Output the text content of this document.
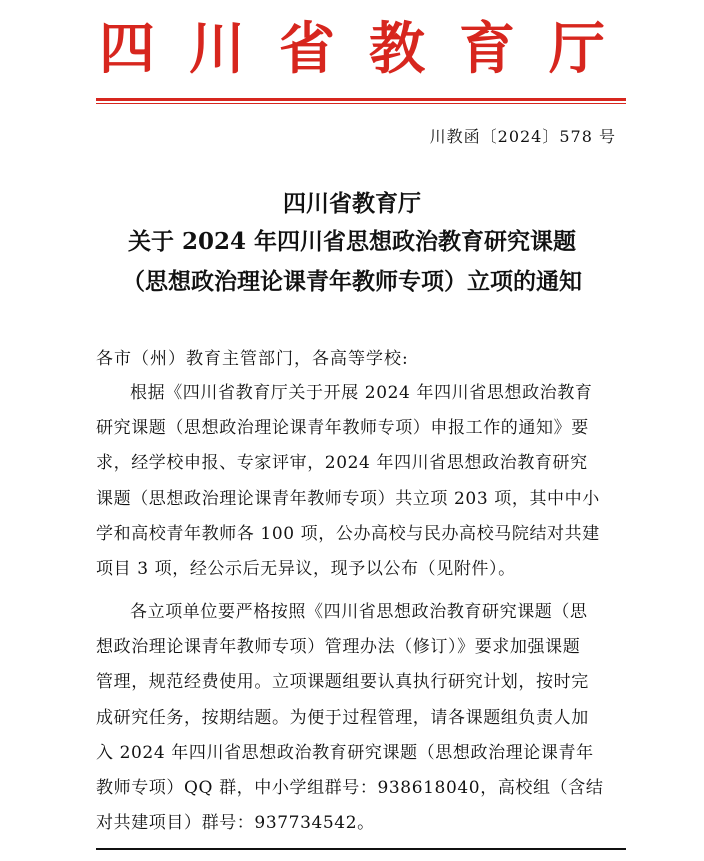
四川省教育厅
川教函〔2024〕578 号
四川省教育厅
关于 2024 年四川省思想政治教育研究课题
（思想政治理论课青年教师专项）立项的通知
各市（州）教育主管部门，各高等学校:
根据《四川省教育厅关于开展 2024 年四川省思想政治教育
研究课题（思想政治理论课青年教师专项）申报工作的通知》要
求，经学校申报、专家评审，2024 年四川省思想政治教育研究
课题（思想政治理论课青年教师专项）共立项 203 项，其中中小
学和高校青年教师各 100 项，公办高校与民办高校马院结对共建
项目 3 项，经公示后无异议，现予以公布（见附件）。
各立项单位要严格按照《四川省思想政治教育研究课题（思
想政治理论课青年教师专项）管理办法（修订）》要求加强课题
管理，规范经费使用。立项课题组要认真执行研究计划，按时完
成研究任务，按期结题。为便于过程管理，请各课题组负责人加
入 2024 年四川省思想政治教育研究课题（思想政治理论课青年
教师专项）QQ 群，中小学组群号：938618040，高校组（含结
对共建项目）群号：937734542。
